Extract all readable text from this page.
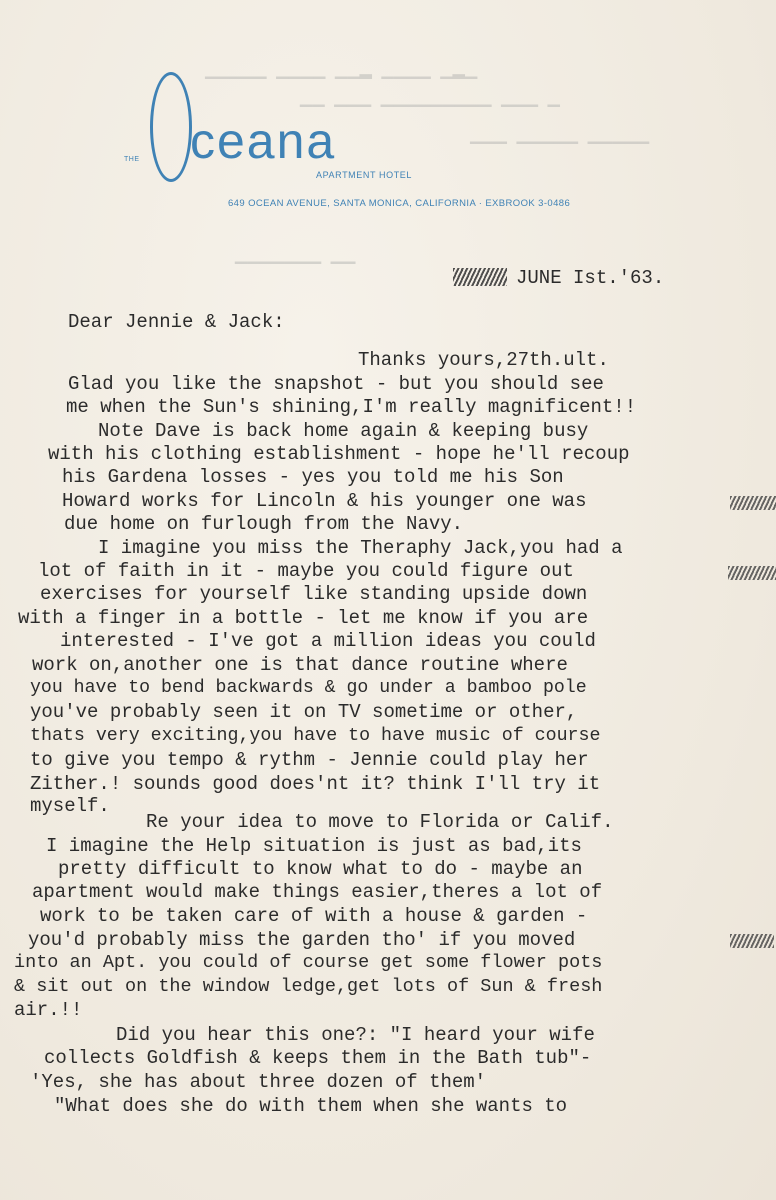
▁▂▁ ▁▁▁▁ ▂▁▁ ▁▁▁▁ ▁▁▁▁▁
▁ ▁▁▁ ▁▁▁▁▁▁▁▁▁ ▁▁▁ ▁▁
▁▁▁▁▁ ▁▁▁▁▁ ▁▁▁
▁▁ ▁▁▁▁▁▁▁
THE ceana
APARTMENT HOTEL
649 OCEAN AVENUE, SANTA MONICA, CALIFORNIA · EXBROOK 3-0486
JUNE Ist.'63.
Dear Jennie & Jack:
Thanks yours,27th.ult.
Glad you like the snapshot - but you should see
me when the Sun's shining,I'm really magnificent!!
Note Dave is back home again & keeping busy
with his clothing establishment - hope he'll recoup
his Gardena losses - yes you told me his Son
Howard works for Lincoln & his younger one was
due home on furlough from the Navy.
I imagine you miss the Theraphy Jack,you had a
lot of faith in it - maybe you could figure out
exercises for yourself like standing upside down
with a finger in a bottle - let me know if you are
interested - I've got a million ideas you could
work on,another one is that dance routine where
you have to bend backwards & go under a bamboo pole
you've probably seen it on TV sometime or other,
thats very exciting,you have to have music of course
to give you tempo & rythm - Jennie could play her
Zither.! sounds good does'nt it? think I'll try it
myself.
Re your idea to move to Florida or Calif.
I imagine the Help situation is just as bad,its
pretty difficult to know what to do - maybe an
apartment would make things easier,theres a lot of
work to be taken care of with a house & garden -
you'd probably miss the garden tho' if you moved
into an Apt. you could of course get some flower pots
& sit out on the window ledge,get lots of Sun & fresh
air.!!
Did you hear this one?: "I heard your wife
collects Goldfish & keeps them in the Bath tub"-
'Yes, she has about three dozen of them'
"What does she do with them when she wants to
